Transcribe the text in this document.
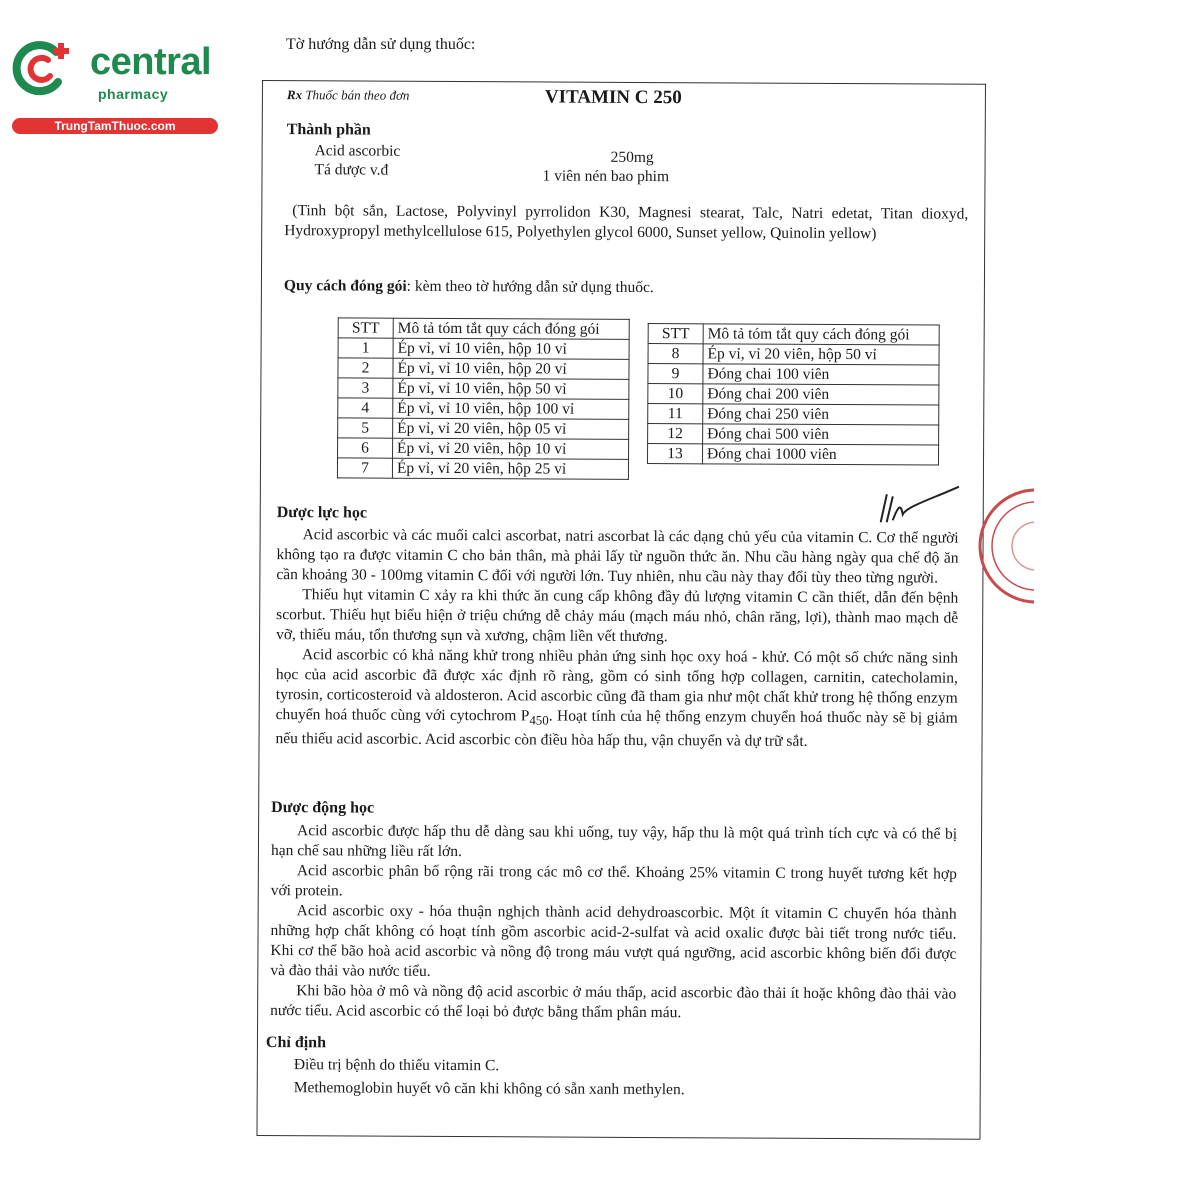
central
pharmacy
TrungTamThuoc.com
Tờ hướng dẫn sử dụng thuốc:
Rx Thuốc bán theo đơn	VITAMIN C 250
Thành phần
Acid ascorbic	250mg
Tá dược v.đ	1 viên nén bao phim

(Tinh bột sắn, Lactose, Polyvinyl pyrrolidon K30, Magnesi stearat, Talc, Natri edetat, Titan dioxyd, Hydroxypropyl methylcellulose 615, Polyethylen glycol 6000, Sunset yellow, Quinolin yellow)

Quy cách đóng gói: kèm theo tờ hướng dẫn sử dụng thuốc.
STT	Mô tả tóm tắt quy cách đóng gói
1	Ép vỉ, vỉ 10 viên, hộp 10 vỉ
2	Ép vỉ, vỉ 10 viên, hộp 20 vỉ
3	Ép vỉ, vỉ 10 viên, hộp 50 vỉ
4	Ép vỉ, vỉ 10 viên, hộp 100 vỉ
5	Ép vỉ, vỉ 20 viên, hộp 05 vỉ
6	Ép vỉ, vỉ 20 viên, hộp 10 vỉ
7	Ép vỉ, vỉ 20 viên, hộp 25 vỉ
STT	Mô tả tóm tắt quy cách đóng gói
8	Ép vỉ, vỉ 20 viên, hộp 50 vỉ
9	Đóng chai 100 viên
10	Đóng chai 200 viên
11	Đóng chai 250 viên
12	Đóng chai 500 viên
13	Đóng chai 1000 viên
Dược lực học

Acid ascorbic và các muối calci ascorbat, natri ascorbat là các dạng chủ yếu của vitamin C. Cơ thể người không tạo ra được vitamin C cho bản thân, mà phải lấy từ nguồn thức ăn. Nhu cầu hàng ngày qua chế độ ăn cần khoảng 30 - 100mg vitamin C đối với người lớn. Tuy nhiên, nhu cầu này thay đổi tùy theo từng người.

Thiếu hụt vitamin C xảy ra khi thức ăn cung cấp không đầy đủ lượng vitamin C cần thiết, dẫn đến bệnh scorbut. Thiếu hụt biểu hiện ở triệu chứng dễ chảy máu (mạch máu nhỏ, chân răng, lợi), thành mao mạch dễ vỡ, thiếu máu, tổn thương sụn và xương, chậm liền vết thương.

Acid ascorbic có khả năng khử trong nhiều phản ứng sinh học oxy hoá - khử. Có một số chức năng sinh học của acid ascorbic đã được xác định rõ ràng, gồm có sinh tổng hợp collagen, carnitin, catecholamin, tyrosin, corticosteroid và aldosteron. Acid ascorbic cũng đã tham gia như một chất khử trong hệ thống enzym chuyển hoá thuốc cùng với cytochrom $P_{450}$. Hoạt tính của hệ thống enzym chuyển hoá thuốc này sẽ bị giảm nếu thiếu acid ascorbic. Acid ascorbic còn điều hòa hấp thu, vận chuyển và dự trữ sắt.

Dược động học

Acid ascorbic được hấp thu dễ dàng sau khi uống, tuy vậy, hấp thu là một quá trình tích cực và có thể bị hạn chế sau những liều rất lớn.

Acid ascorbic phân bố rộng rãi trong các mô cơ thể. Khoảng 25% vitamin C trong huyết tương kết hợp với protein.

Acid ascorbic oxy - hóa thuận nghịch thành acid dehydroascorbic. Một ít vitamin C chuyển hóa thành những hợp chất không có hoạt tính gồm ascorbic acid-2-sulfat và acid oxalic được bài tiết trong nước tiểu. Khi cơ thể bão hoà acid ascorbic và nồng độ trong máu vượt quá ngưỡng, acid ascorbic không biến đổi được và đào thải vào nước tiểu.

Khi bão hòa ở mô và nồng độ acid ascorbic ở máu thấp, acid ascorbic đào thải ít hoặc không đào thải vào nước tiểu. Acid ascorbic có thể loại bỏ được bằng thẩm phân máu.

Chỉ định
Điều trị bệnh do thiếu vitamin C.
Methemoglobin huyết vô căn khi không có sẵn xanh methylen.
